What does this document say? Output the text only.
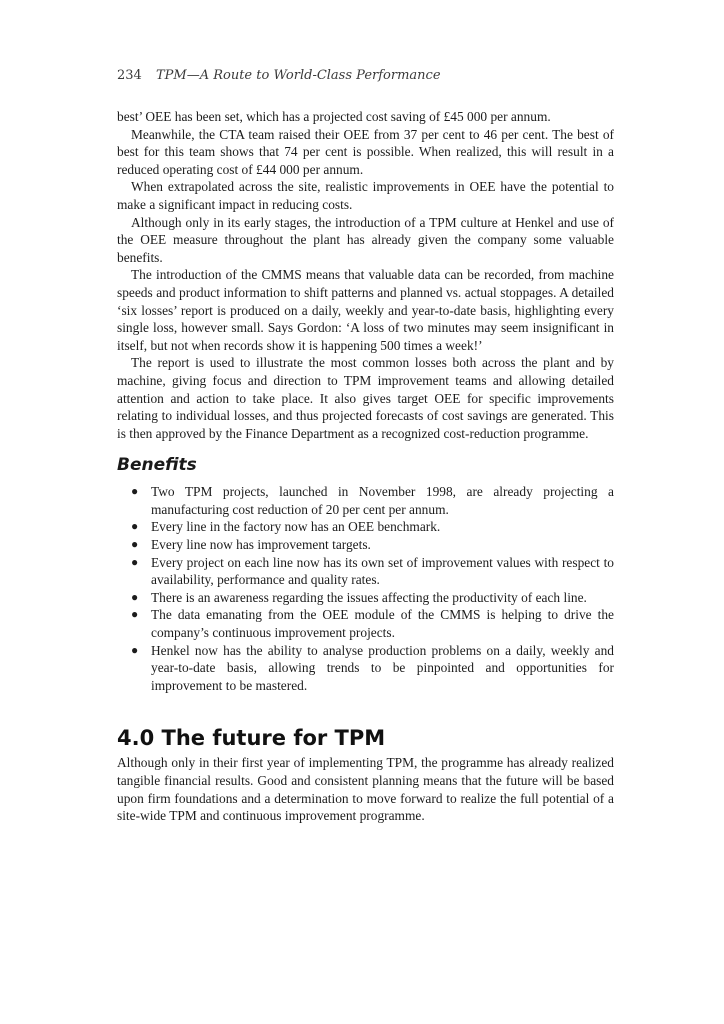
234 TPM—A Route to World-Class Performance

best’ OEE has been set, which has a projected cost saving of £45 000 per annum.

Meanwhile, the CTA team raised their OEE from 37 per cent to 46 per cent. The best of best for this team shows that 74 per cent is possible. When realized, this will result in a reduced operating cost of £44 000 per annum.

When extrapolated across the site, realistic improvements in OEE have the potential to make a significant impact in reducing costs.

Although only in its early stages, the introduction of a TPM culture at Henkel and use of the OEE measure throughout the plant has already given the company some valuable benefits.

The introduction of the CMMS means that valuable data can be recorded, from machine speeds and product information to shift patterns and planned vs. actual stoppages. A detailed ‘six losses’ report is produced on a daily, weekly and year-to-date basis, highlighting every single loss, however small. Says Gordon: ‘A loss of two minutes may seem insignificant in itself, but not when records show it is happening 500 times a week!’

The report is used to illustrate the most common losses both across the plant and by machine, giving focus and direction to TPM improvement teams and allowing detailed attention and action to take place. It also gives target OEE for specific improvements relating to individual losses, and thus projected forecasts of cost savings are generated. This is then approved by the Finance Department as a recognized cost-reduction programme.

Benefits
● Two TPM projects, launched in November 1998, are already projecting a manufacturing cost reduction of 20 per cent per annum.
● Every line in the factory now has an OEE benchmark.
● Every line now has improvement targets.
● Every project on each line now has its own set of improvement values with respect to availability, performance and quality rates.
● There is an awareness regarding the issues affecting the productivity of each line.
● The data emanating from the OEE module of the CMMS is helping to drive the company’s continuous improvement projects.
● Henkel now has the ability to analyse production problems on a daily, weekly and year-to-date basis, allowing trends to be pinpointed and opportunities for improvement to be mastered.
4.0 The future for TPM

Although only in their first year of implementing TPM, the programme has already realized tangible financial results. Good and consistent planning means that the future will be based upon firm foundations and a determination to move forward to realize the full potential of a site-wide TPM and continuous improvement programme.
